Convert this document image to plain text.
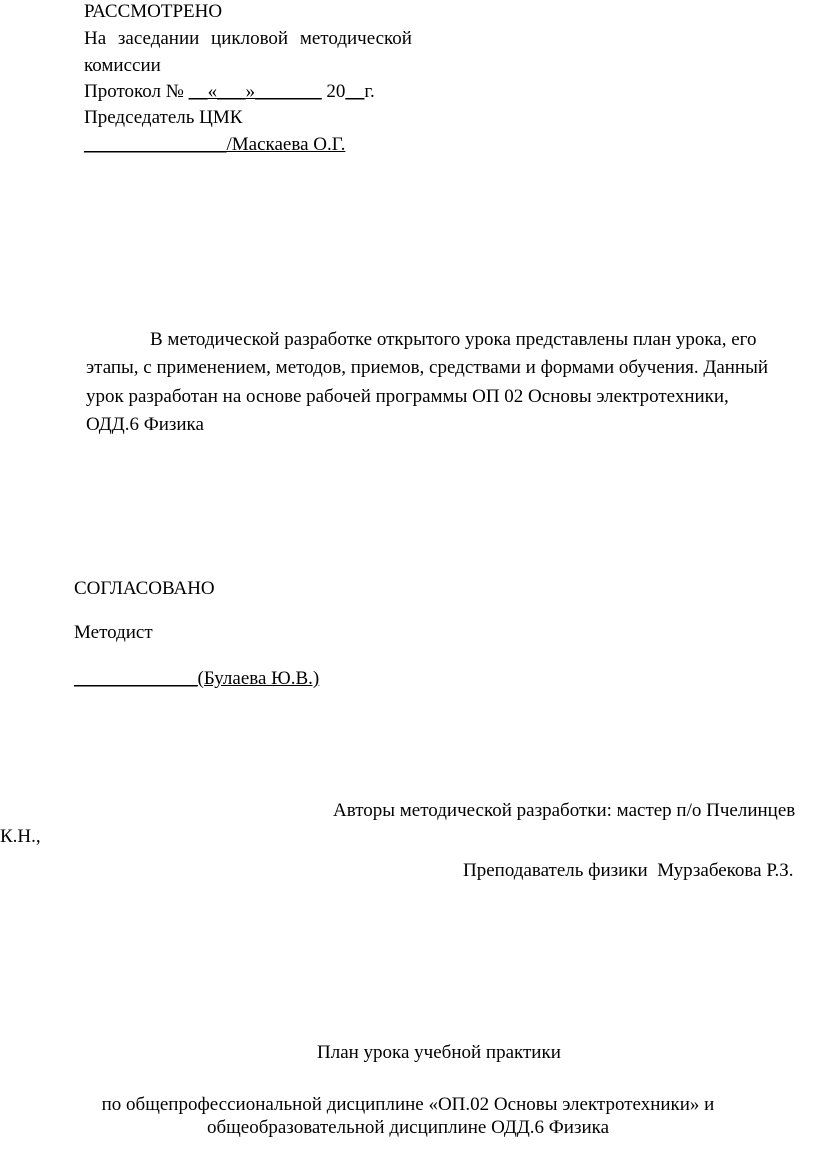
РАССМОТРЕНО
На заседании цикловой методической
комиссии
Протокол № __«___»_______ 20__г.
Председатель ЦМК
_______________/Маскаева О.Г.
В методической разработке открытого урока представлены план урока, его
этапы, с применением, методов, приемов, средствами и формами обучения. Данный
урок разработан на основе рабочей программы ОП 02 Основы электротехники,
ОДД.6 Физика
СОГЛАСОВАНО
Методист
_____________(Булаева Ю.В.)
Авторы методической разработки: мастер п/о Пчелинцев
К.Н.,
Преподаватель физики  Мурзабекова Р.З.
План урока учебной практики
по общепрофессиональной дисциплине «ОП.02 Основы электротехники» и
общеобразовательной дисциплине ОДД.6 Физика
